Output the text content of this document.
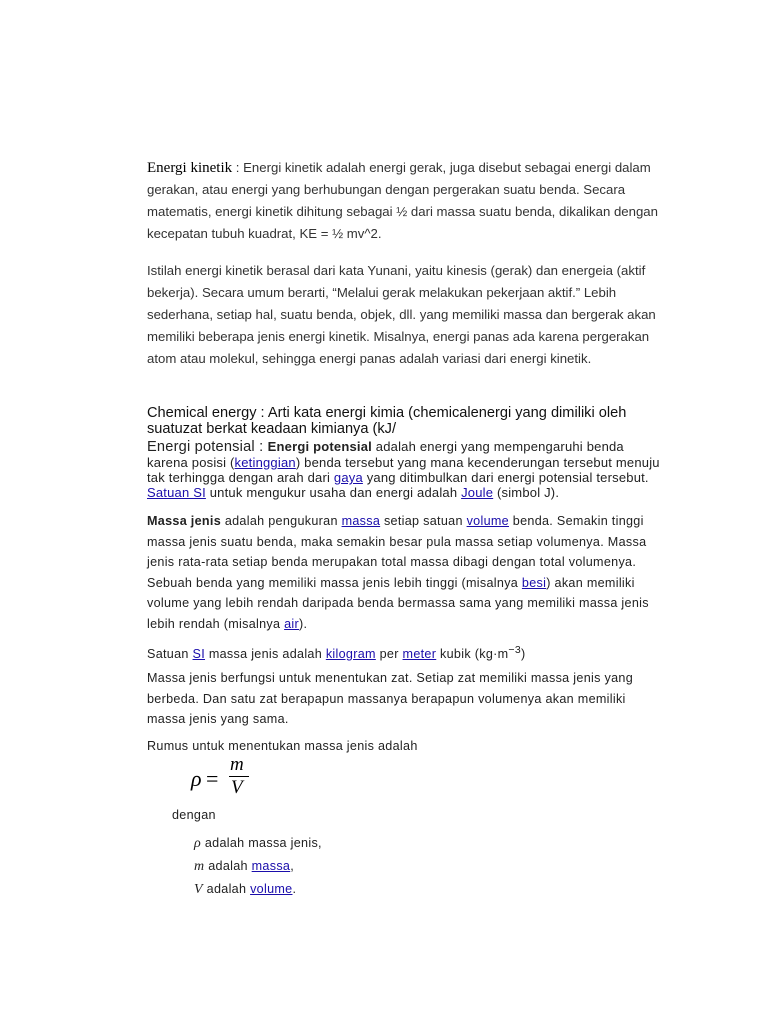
Energi kinetik : Energi kinetik adalah energi gerak, juga disebut sebagai energi dalam gerakan, atau energi yang berhubungan dengan pergerakan suatu benda. Secara matematis, energi kinetik dihitung sebagai ½ dari massa suatu benda, dikalikan dengan kecepatan tubuh kuadrat, KE = ½ mv^2.

Istilah energi kinetik berasal dari kata Yunani, yaitu kinesis (gerak) dan energeia (aktif bekerja). Secara umum berarti, “Melalui gerak melakukan pekerjaan aktif.” Lebih sederhana, setiap hal, suatu benda, objek, dll. yang memiliki massa dan bergerak akan memiliki beberapa jenis energi kinetik. Misalnya, energi panas ada karena pergerakan atom atau molekul, sehingga energi panas adalah variasi dari energi kinetik.

Chemical energy : Arti kata energi kimia (chemicalenergi yang dimiliki oleh suatuzat berkat keadaan kimianya (kJ/

Energi potensial : Energi potensial adalah energi yang mempengaruhi benda karena posisi (ketinggian) benda tersebut yang mana kecenderungan tersebut menuju tak terhingga dengan arah dari gaya yang ditimbulkan dari energi potensial tersebut. Satuan SI untuk mengukur usaha dan energi adalah Joule (simbol J).

Massa jenis adalah pengukuran massa setiap satuan volume benda. Semakin tinggi massa jenis suatu benda, maka semakin besar pula massa setiap volumenya. Massa jenis rata-rata setiap benda merupakan total massa dibagi dengan total volumenya. Sebuah benda yang memiliki massa jenis lebih tinggi (misalnya besi) akan memiliki volume yang lebih rendah daripada benda bermassa sama yang memiliki massa jenis lebih rendah (misalnya air).

Satuan SI massa jenis adalah kilogram per meter kubik $(kg\cdot m^{-3})$

Massa jenis berfungsi untuk menentukan zat. Setiap zat memiliki massa jenis yang berbeda. Dan satu zat berapapun massanya berapapun volumenya akan memiliki massa jenis yang sama.

Rumus untuk menentukan massa jenis adalah

ρ =
m
V

dengan

ρ adalah massa jenis,
m adalah massa,
V adalah volume.
